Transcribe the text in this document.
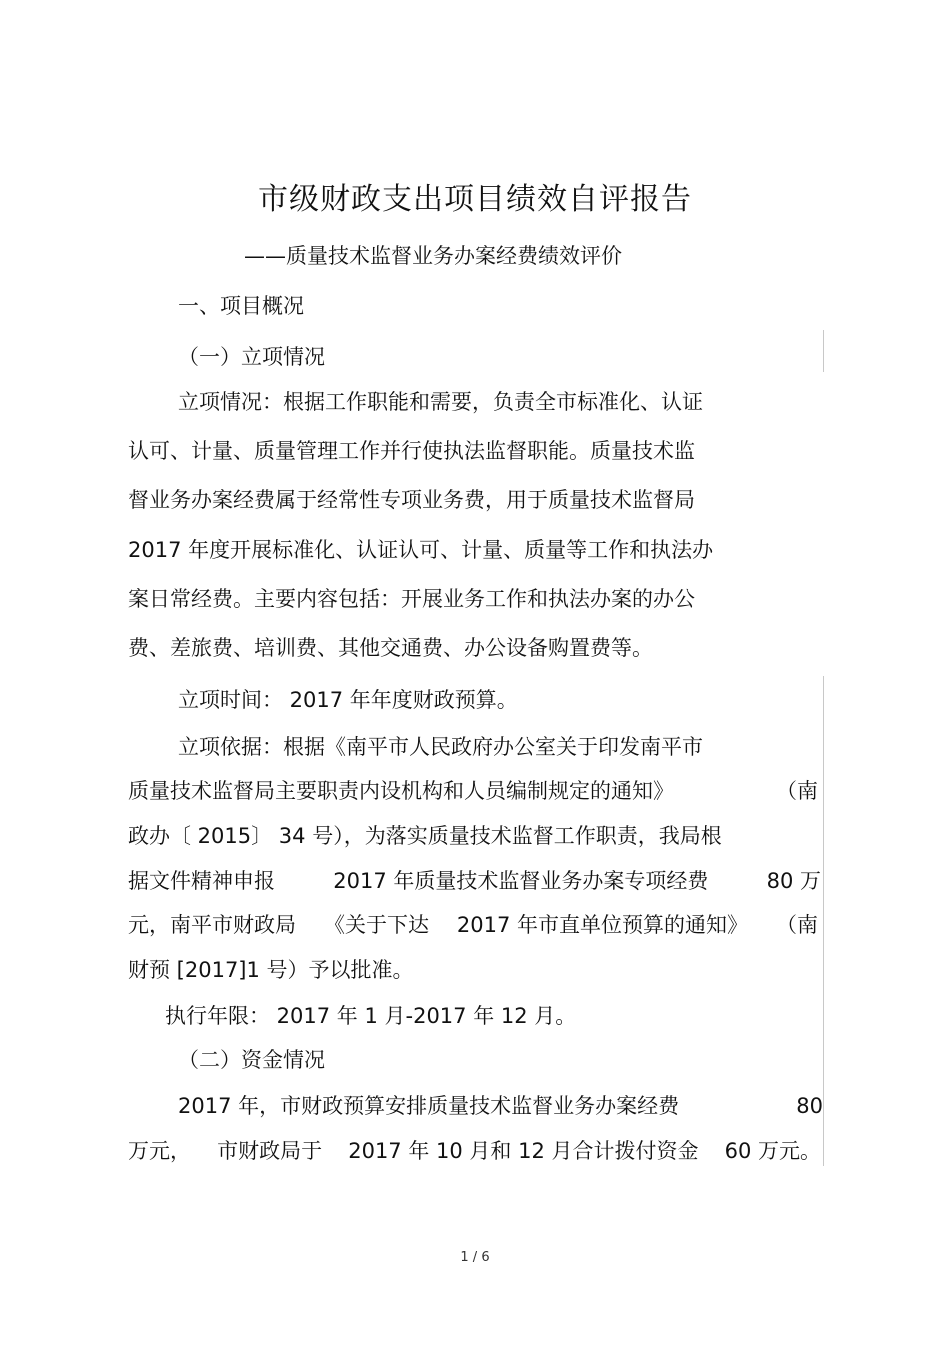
市级财政支出项目绩效自评报告
——质量技术监督业务办案经费绩效评价
一、项目概况
（一）立项情况
立项情况：根据工作职能和需要，负责全市标准化、认证
认可、计量、质量管理工作并行使执法监督职能。质量技术监
督业务办案经费属于经常性专项业务费，用于质量技术监督局
2017 年度开展标准化、认证认可、计量、质量等工作和执法办
案日常经费。主要内容包括：开展业务工作和执法办案的办公
费、差旅费、培训费、其他交通费、办公设备购置费等。
立项时间： 2017 年年度财政预算。
立项依据：根据《南平市人民政府办公室关于印发南平市
质量技术监督局主要职责内设机构和人员编制规定的通知》	（南
政办〔 2015〕 34 号），为落实质量技术监督工作职责，我局根
据文件精神申报	2017 年质量技术监督业务办案专项经费	80 万
元，南平市财政局 《关于下达 2017 年市直单位预算的通知》 （南
财预 [2017]1 号）予以批准。
执行年限： 2017 年 1 月-2017 年 12 月。
（二）资金情况
2017 年，市财政预算安排质量技术监督业务办案经费	80
万元， 市财政局于 2017 年 10 月和 12 月合计拨付资金 60 万元。
1 / 6
